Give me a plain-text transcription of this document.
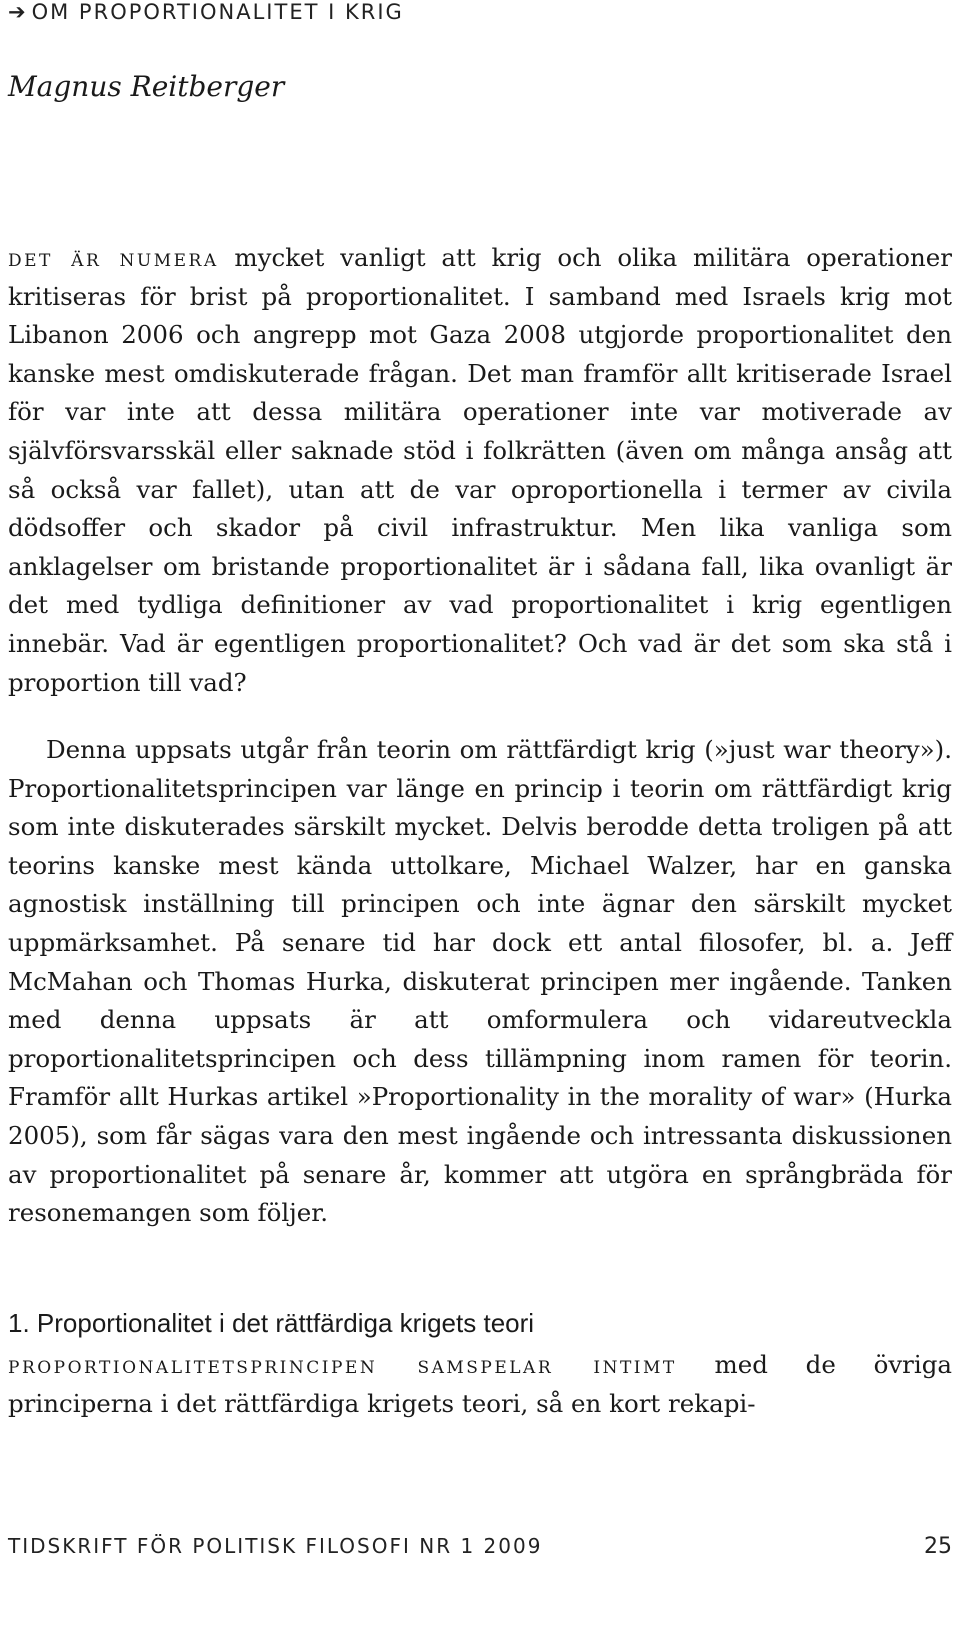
➔ OM PROPORTIONALITET I KRIG
Magnus Reitberger

det är numera mycket vanligt att krig och olika militära operationer kritiseras för brist på proportionalitet. I samband med Israels krig mot Libanon 2006 och angrepp mot Gaza 2008 utgjorde proportionalitet den kanske mest omdiskuterade frågan. Det man framför allt kritiserade Israel för var inte att dessa militära operationer inte var motiverade av självförsvarsskäl eller saknade stöd i folkrätten (även om många ansåg att så också var fallet), utan att de var oproportionella i termer av civila dödsoffer och skador på civil infrastruktur. Men lika vanliga som anklagelser om bristande proportionalitet är i sådana fall, lika ovanligt är det med tydliga definitioner av vad proportionalitet i krig egentligen innebär. Vad är egentligen proportionalitet? Och vad är det som ska stå i proportion till vad?

Denna uppsats utgår från teorin om rättfärdigt krig (»just war theory»). Proportionalitetsprincipen var länge en princip i teorin om rättfärdigt krig som inte diskuterades särskilt mycket. Delvis berodde detta troligen på att teorins kanske mest kända uttolkare, Michael Walzer, har en ganska agnostisk inställning till principen och inte ägnar den särskilt mycket uppmärksamhet. På senare tid har dock ett antal filosofer, bl. a. Jeff McMahan och Thomas Hurka, diskuterat principen mer ingående. Tanken med denna uppsats är att omformulera och vidareutveckla proportionalitetsprincipen och dess tillämpning inom ramen för teorin. Framför allt Hurkas artikel »Proportionality in the morality of war» (Hurka 2005), som får sägas vara den mest ingående och intressanta diskussionen av proportionalitet på senare år, kommer att utgöra en språngbräda för resonemangen som följer.

1. Proportionalitet i det rättfärdiga krigets teori

proportionalitetsprincipen samspelar intimt med de övriga principerna i det rättfärdiga krigets teori, så en kort rekapi-

TIDSKRIFT FÖR POLITISK FILOSOFI NR 1 2009	25
